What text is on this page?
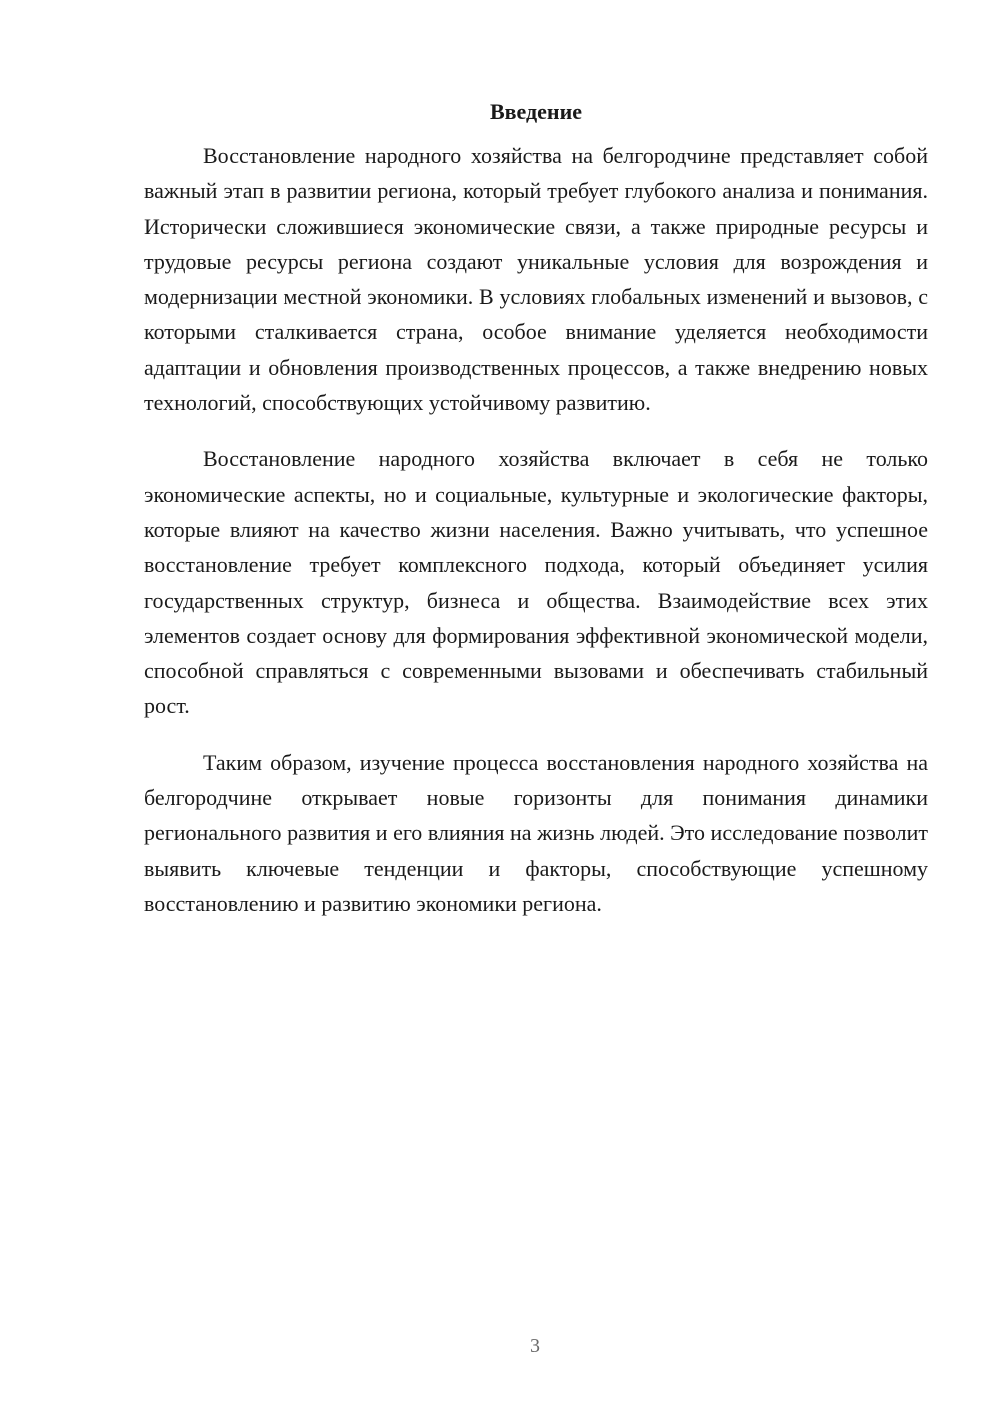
Введение

Восстановление народного хозяйства на белгородчине представляет собой важный этап в развитии региона, который требует глубокого анализа и понимания. Исторически сложившиеся экономические связи, а также природные ресурсы и трудовые ресурсы региона создают уникальные условия для возрождения и модернизации местной экономики. В условиях глобальных изменений и вызовов, с которыми сталкивается страна, особое внимание уделяется необходимости адаптации и обновления производственных процессов, а также внедрению новых технологий, способствующих устойчивому развитию.

Восстановление народного хозяйства включает в себя не только экономические аспекты, но и социальные, культурные и экологические факторы, которые влияют на качество жизни населения. Важно учитывать, что успешное восстановление требует комплексного подхода, который объединяет усилия государственных структур, бизнеса и общества. Взаимодействие всех этих элементов создает основу для формирования эффективной экономической модели, способной справляться с современными вызовами и обеспечивать стабильный рост.

Таким образом, изучение процесса восстановления народного хозяйства на белгородчине открывает новые горизонты для понимания динамики регионального развития и его влияния на жизнь людей. Это исследование позволит выявить ключевые тенденции и факторы, способствующие успешному восстановлению и развитию экономики региона.

3
